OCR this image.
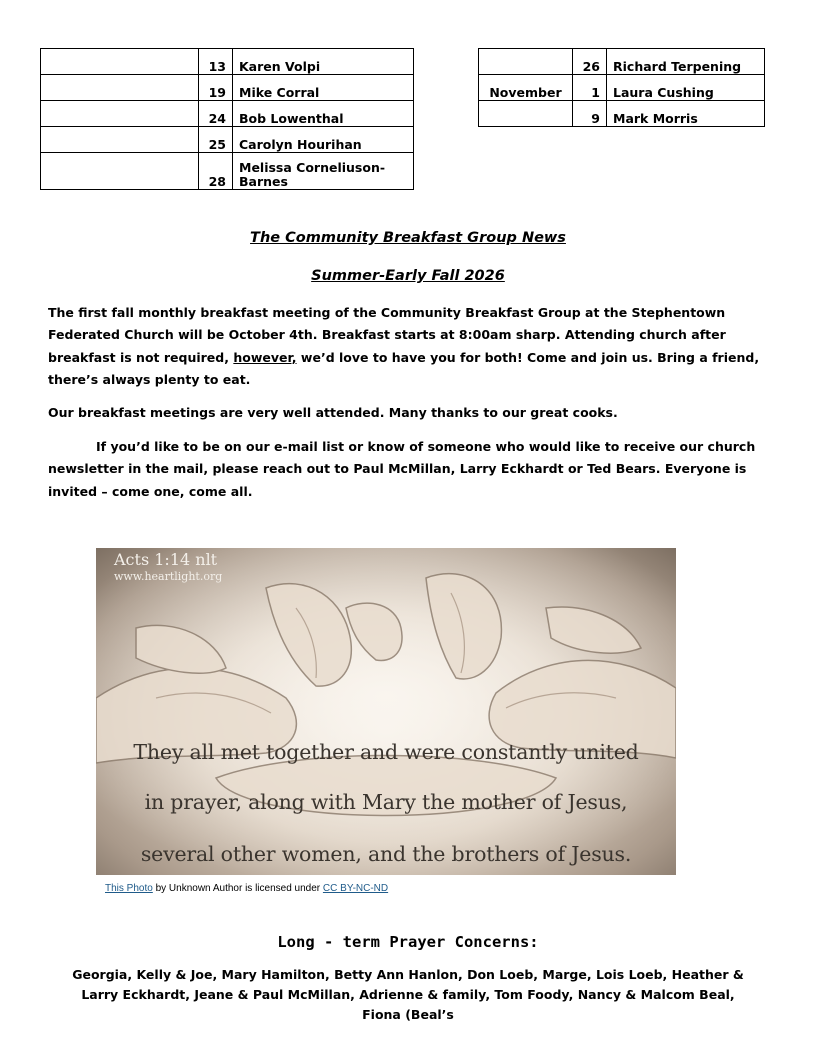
	13	Karen Volpi
	19	Mike Corral
	24	Bob Lowenthal
	25	Carolyn Hourihan
	28	Melissa Corneliuson-Barnes
	26	Richard Terpening
November	1	Laura Cushing
	9	Mark Morris
The Community Breakfast Group News
Summer-Early Fall 2026
The first fall monthly breakfast meeting of the Community Breakfast Group at the Stephentown Federated Church will be October 4th. Breakfast starts at 8:00am sharp. Attending church after breakfast is not required, however, we’d love to have you for both! Come and join us. Bring a friend, there’s always plenty to eat.
Our breakfast meetings are very well attended. Many thanks to our great cooks.
If you’d like to be on our e-mail list or know of someone who would like to receive our church newsletter in the mail, please reach out to Paul McMillan, Larry Eckhardt or Ted Bears. Everyone is invited – come one, come all.
Acts 1:14 nlt
www.heartlight.org
They all met together and were constantly united
in prayer, along with Mary the mother of Jesus,
several other women, and the brothers of Jesus.
This Photo by Unknown Author is licensed under CC BY-NC-ND
Long - term Prayer Concerns:
Georgia, Kelly & Joe, Mary Hamilton, Betty Ann Hanlon, Don Loeb, Marge, Lois Loeb, Heather & Larry Eckhardt, Jeane & Paul McMillan, Adrienne & family, Tom Foody, Nancy & Malcom Beal, Fiona (Beal’s
